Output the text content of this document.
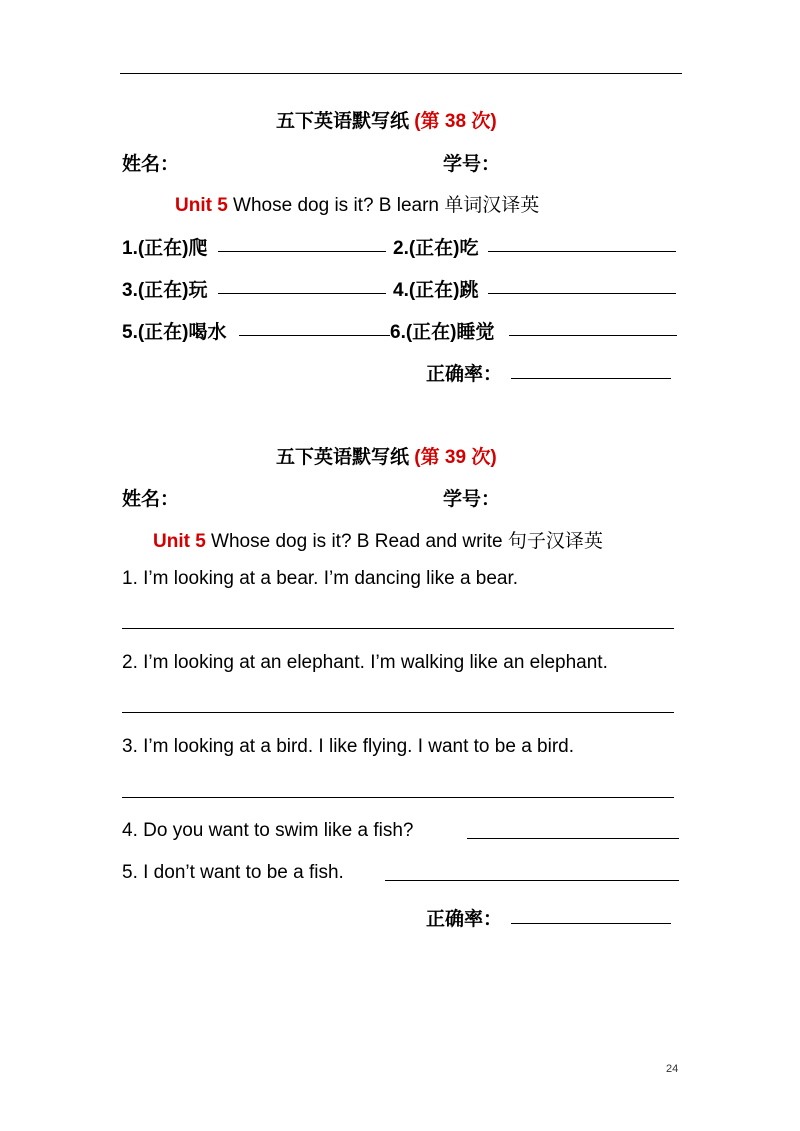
五下英语默写纸 (第 38 次)
姓名：	学号：
Unit 5 Whose dog is it? B learn 单词汉译英
1.(正在)爬	2.(正在)吃
3.(正在)玩	4.(正在)跳
5.(正在)喝水	6.(正在)睡觉
正确率：
五下英语默写纸 (第 39 次)
姓名：	学号：
Unit 5 Whose dog is it? B Read and write 句子汉译英
1. I’m looking at a bear. I’m dancing like a bear.
2. I’m looking at an elephant. I’m walking like an elephant.
3. I’m looking at a bird. I like flying. I want to be a bird.
4. Do you want to swim like a fish?
5. I don’t want to be a fish.
正确率：
24
